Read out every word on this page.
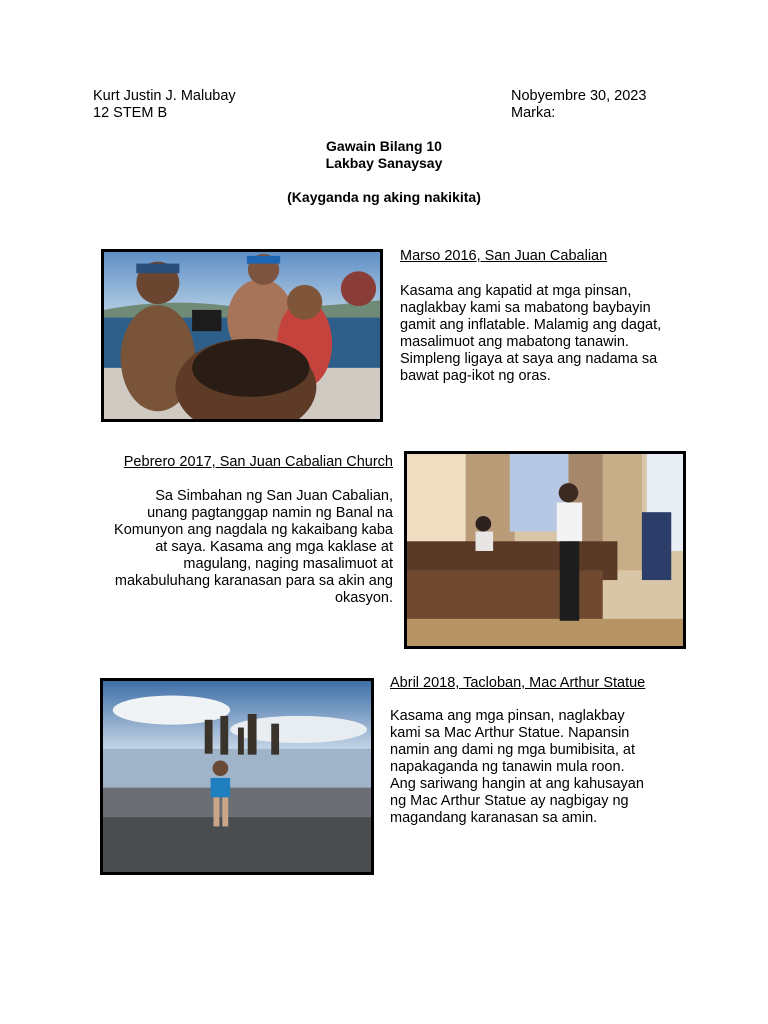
Kurt Justin J. Malubay
12 STEM B
Nobyembre 30, 2023
Marka:
Gawain Bilang 10
Lakbay Sanaysay
(Kayganda ng aking nakikita)
Marso 2016, San Juan Cabalian
Kasama ang kapatid at mga pinsan,
naglakbay kami sa mabatong baybayin
gamit ang inflatable. Malamig ang dagat,
masalimuot ang mabatong tanawin.
Simpleng ligaya at saya ang nadama sa
bawat pag-ikot ng oras.
Pebrero 2017, San Juan Cabalian Church
Sa Simbahan ng San Juan Cabalian,
unang pagtanggap namin ng Banal na
Komunyon ang nagdala ng kakaibang kaba
at saya. Kasama ang mga kaklase at
magulang, naging masalimuot at
makabuluhang karanasan para sa akin ang
okasyon.
Abril 2018, Tacloban, Mac Arthur Statue
Kasama ang mga pinsan, naglakbay
kami sa Mac Arthur Statue. Napansin
namin ang dami ng mga bumibisita, at
napakaganda ng tanawin mula roon.
Ang sariwang hangin at ang kahusayan
ng Mac Arthur Statue ay nagbigay ng
magandang karanasan sa amin.
